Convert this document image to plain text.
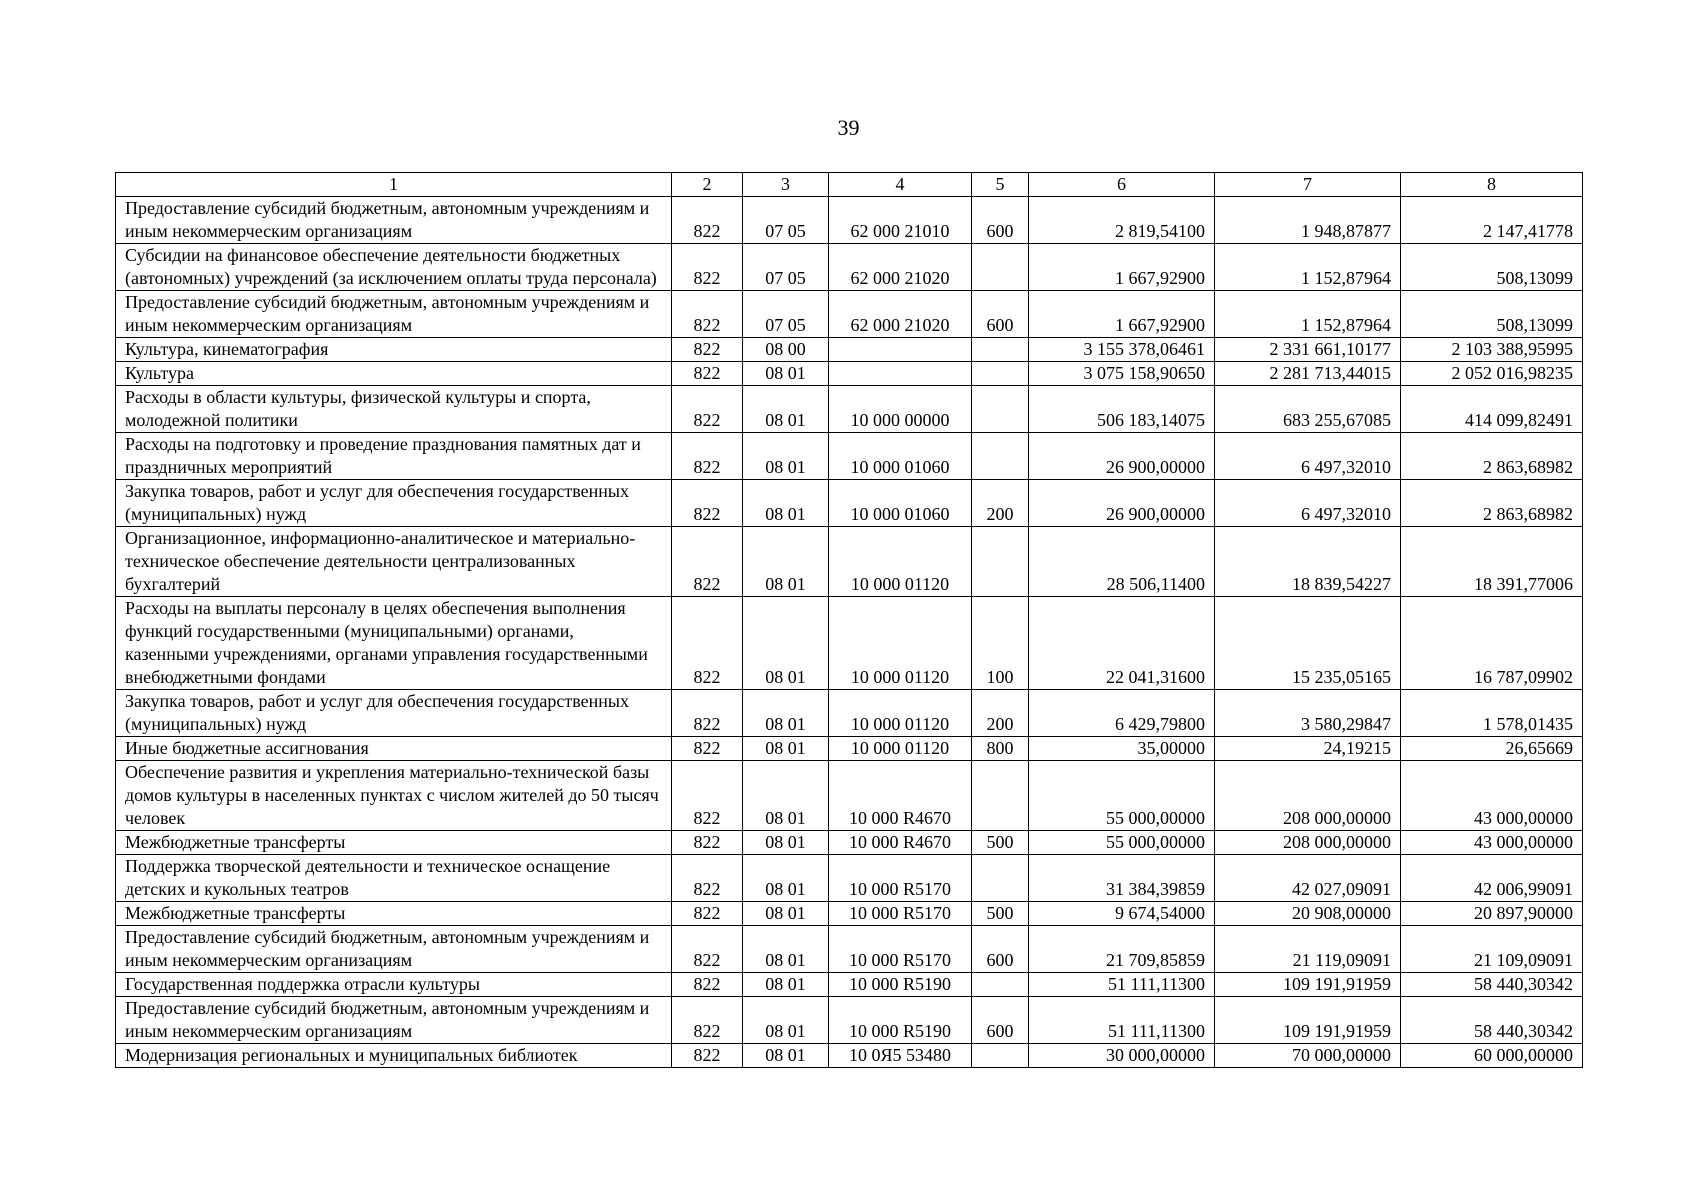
39
1	2	3	4	5	6	7	8
Предоставление субсидий бюджетным, автономным учреждениям и иным некоммерческим организациям	822	07 05	62 000 21010	600	2 819,54100	1 948,87877	2 147,41778
Субсидии на финансовое обеспечение деятельности бюджетных (автономных) учреждений (за исключением оплаты труда персонала)	822	07 05	62 000 21020		1 667,92900	1 152,87964	508,13099
Предоставление субсидий бюджетным, автономным учреждениям и иным некоммерческим организациям	822	07 05	62 000 21020	600	1 667,92900	1 152,87964	508,13099
Культура, кинематография	822	08 00			3 155 378,06461	2 331 661,10177	2 103 388,95995
Культура	822	08 01			3 075 158,90650	2 281 713,44015	2 052 016,98235
Расходы в области культуры, физической культуры и спорта, молодежной политики	822	08 01	10 000 00000		506 183,14075	683 255,67085	414 099,82491
Расходы на подготовку и проведение празднования памятных дат и праздничных мероприятий	822	08 01	10 000 01060		26 900,00000	6 497,32010	2 863,68982
Закупка товаров, работ и услуг для обеспечения государственных (муниципальных) нужд	822	08 01	10 000 01060	200	26 900,00000	6 497,32010	2 863,68982
Организационное, информационно-аналитическое и материально-техническое обеспечение деятельности централизованных бухгалтерий	822	08 01	10 000 01120		28 506,11400	18 839,54227	18 391,77006
Расходы на выплаты персоналу в целях обеспечения выполнения функций государственными (муниципальными) органами, казенными учреждениями, органами управления государственными внебюджетными фондами	822	08 01	10 000 01120	100	22 041,31600	15 235,05165	16 787,09902
Закупка товаров, работ и услуг для обеспечения государственных (муниципальных) нужд	822	08 01	10 000 01120	200	6 429,79800	3 580,29847	1 578,01435
Иные бюджетные ассигнования	822	08 01	10 000 01120	800	35,00000	24,19215	26,65669
Обеспечение развития и укрепления материально-технической базы домов культуры в населенных пунктах с числом жителей до 50 тысяч человек	822	08 01	10 000 R4670		55 000,00000	208 000,00000	43 000,00000
Межбюджетные трансферты	822	08 01	10 000 R4670	500	55 000,00000	208 000,00000	43 000,00000
Поддержка творческой деятельности и техническое оснащение детских и кукольных театров	822	08 01	10 000 R5170		31 384,39859	42 027,09091	42 006,99091
Межбюджетные трансферты	822	08 01	10 000 R5170	500	9 674,54000	20 908,00000	20 897,90000
Предоставление субсидий бюджетным, автономным учреждениям и иным некоммерческим организациям	822	08 01	10 000 R5170	600	21 709,85859	21 119,09091	21 109,09091
Государственная поддержка отрасли культуры	822	08 01	10 000 R5190		51 111,11300	109 191,91959	58 440,30342
Предоставление субсидий бюджетным, автономным учреждениям и иным некоммерческим организациям	822	08 01	10 000 R5190	600	51 111,11300	109 191,91959	58 440,30342
Модернизация региональных и муниципальных библиотек	822	08 01	10 0Я5 53480		30 000,00000	70 000,00000	60 000,00000
